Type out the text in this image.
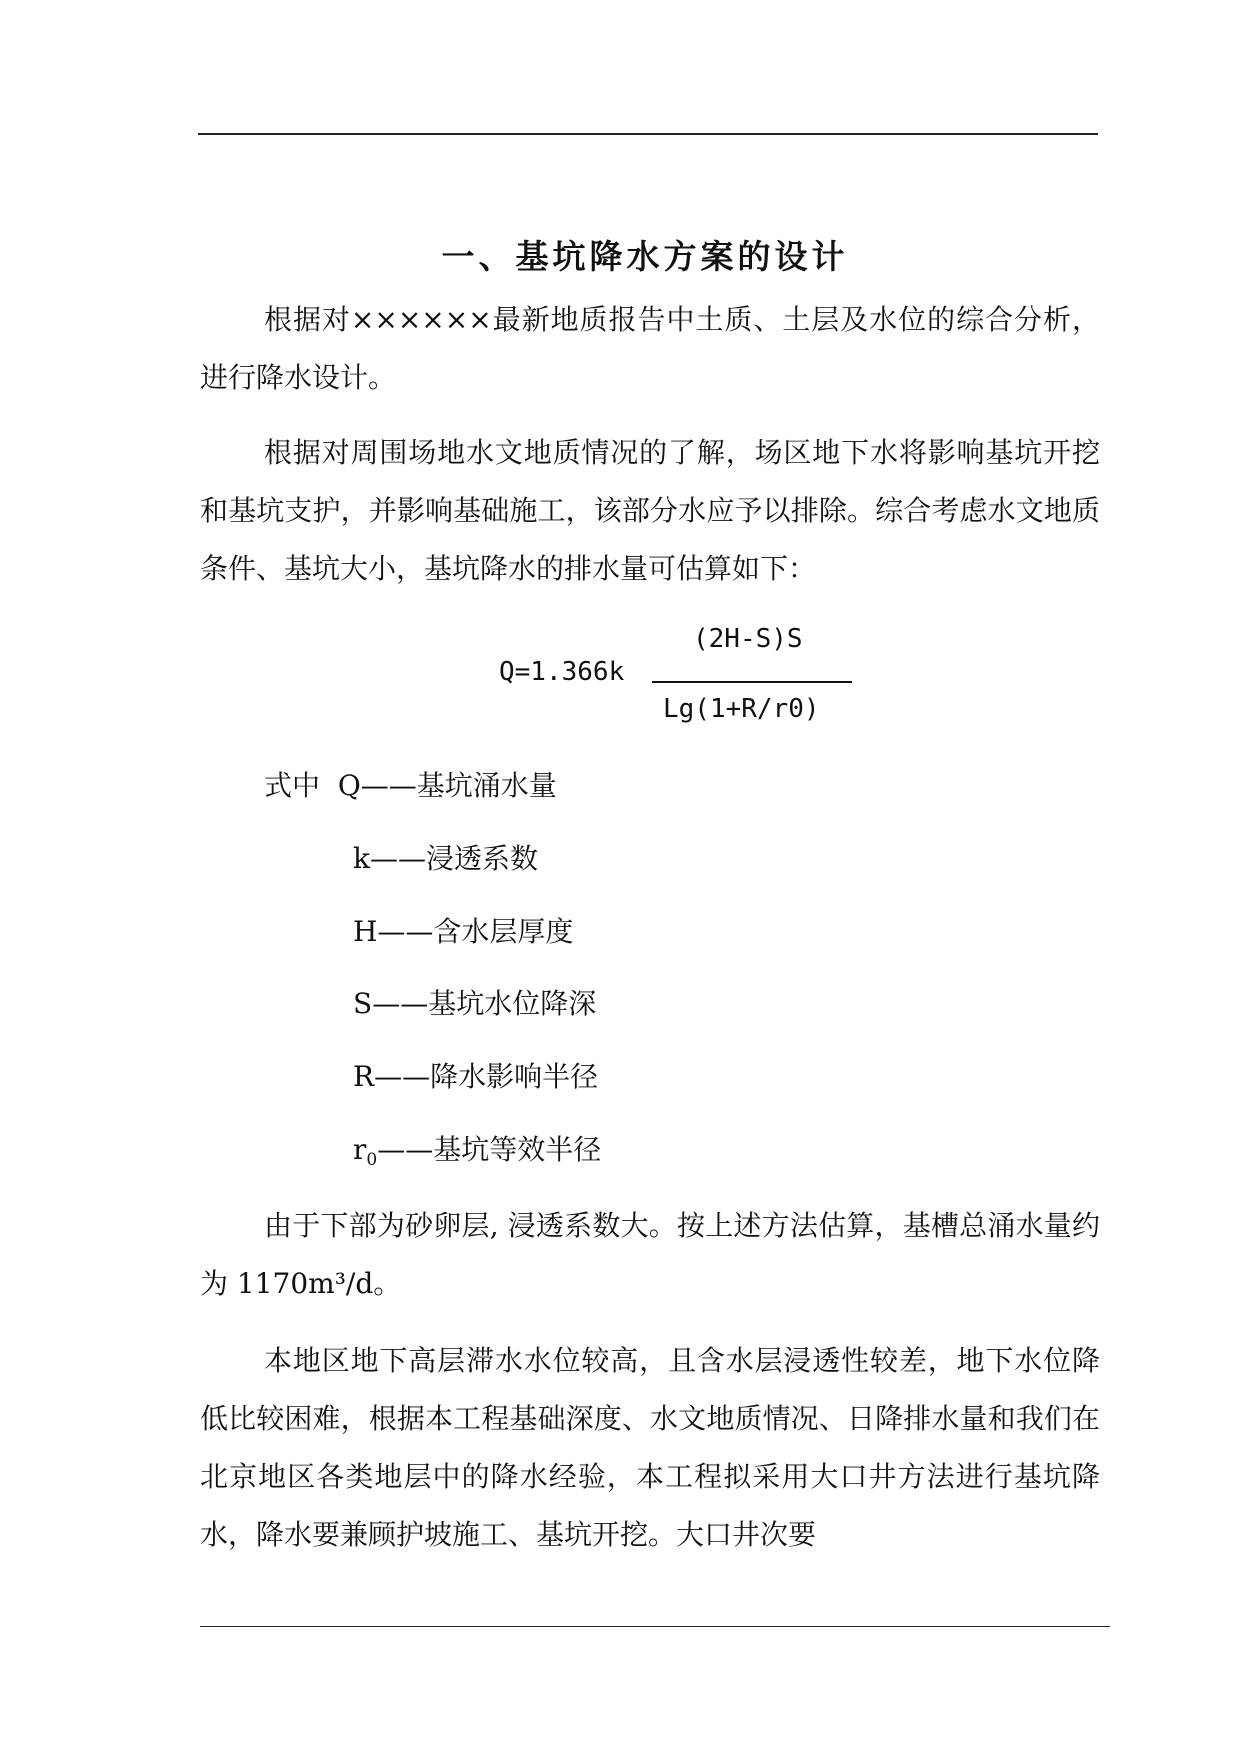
一、基坑降水方案的设计
根据对××××××最新地质报告中土质、土层及水位的综合分析，进行降水设计。
根据对周围场地水文地质情况的了解，场区地下水将影响基坑开挖和基坑支护，并影响基础施工，该部分水应予以排除。综合考虑水文地质条件、基坑大小，基坑降水的排水量可估算如下：
(2H-S)S
Q=1.366k
Lg(1+R/r0)
式中 Q——基坑涌水量
k——浸透系数
H——含水层厚度
S——基坑水位降深
R——降水影响半径
$r_0——$基坑等效半径
由于下部为砂卵层, 浸透系数大。按上述方法估算，基槽总涌水量约为 1170m³/d。
本地区地下高层滞水水位较高，且含水层浸透性较差，地下水位降低比较困难，根据本工程基础深度、水文地质情况、日降排水量和我们在北京地区各类地层中的降水经验，本工程拟采用大口井方法进行基坑降水，降水要兼顾护坡施工、基坑开挖。大口井次要
